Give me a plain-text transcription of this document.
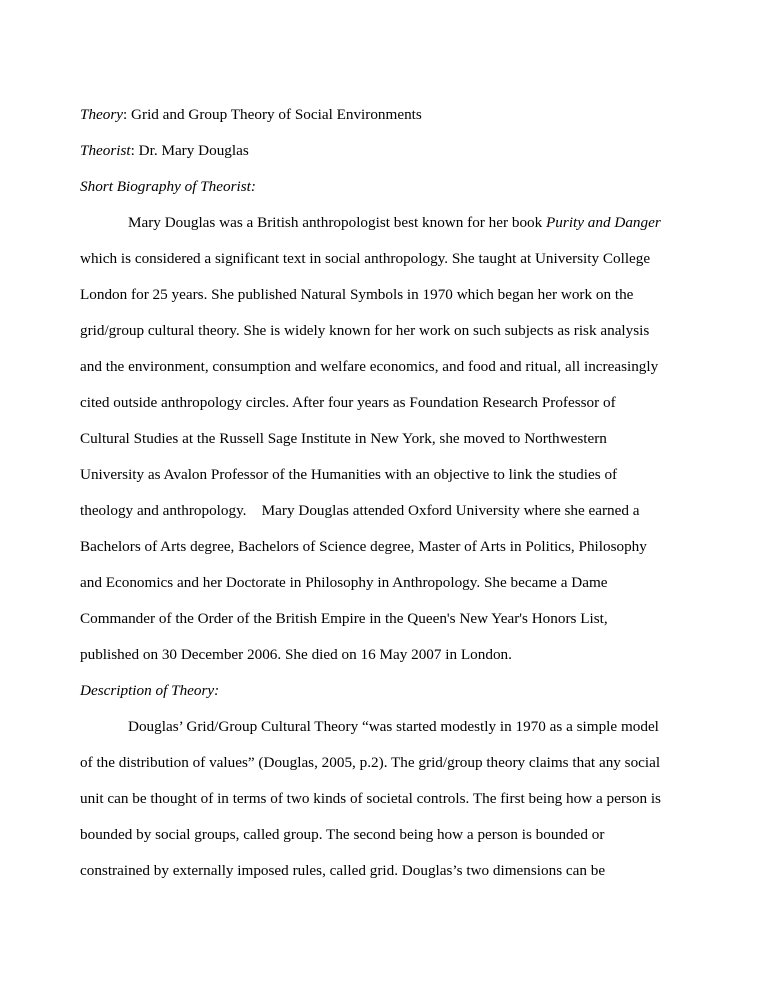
Theory: Grid and Group Theory of Social Environments
Theorist: Dr. Mary Douglas
Short Biography of Theorist:
Mary Douglas was a British anthropologist best known for her book Purity and Danger
which is considered a significant text in social anthropology. She taught at University College
London for 25 years. She published Natural Symbols in 1970 which began her work on the
grid/group cultural theory. She is widely known for her work on such subjects as risk analysis
and the environment, consumption and welfare economics, and food and ritual, all increasingly
cited outside anthropology circles. After four years as Foundation Research Professor of
Cultural Studies at the Russell Sage Institute in New York, she moved to Northwestern
University as Avalon Professor of the Humanities with an objective to link the studies of
theology and anthropology.    Mary Douglas attended Oxford University where she earned a
Bachelors of Arts degree, Bachelors of Science degree, Master of Arts in Politics, Philosophy
and Economics and her Doctorate in Philosophy in Anthropology. She became a Dame
Commander of the Order of the British Empire in the Queen's New Year's Honors List,
published on 30 December 2006. She died on 16 May 2007 in London.
Description of Theory:
Douglas’ Grid/Group Cultural Theory “was started modestly in 1970 as a simple model
of the distribution of values” (Douglas, 2005, p.2). The grid/group theory claims that any social
unit can be thought of in terms of two kinds of societal controls. The first being how a person is
bounded by social groups, called group. The second being how a person is bounded or
constrained by externally imposed rules, called grid. Douglas’s two dimensions can be
